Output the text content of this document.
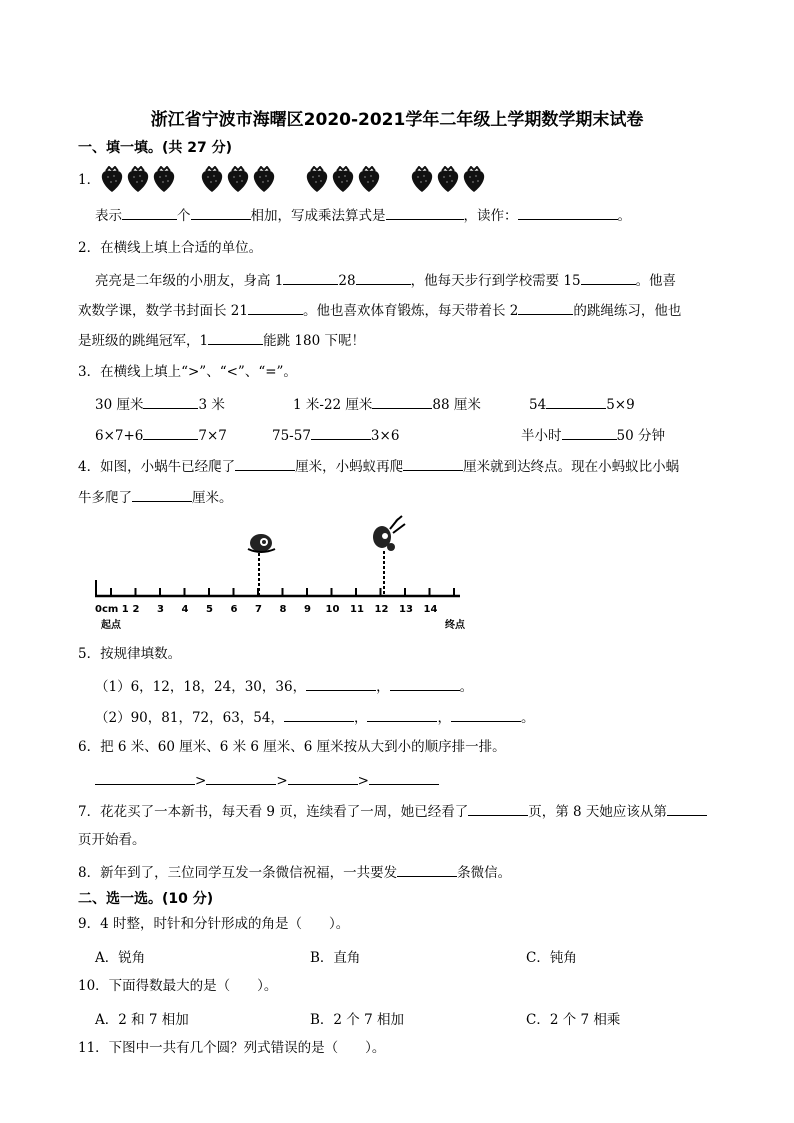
浙江省宁波市海曙区2020-2021学年二年级上学期数学期末试卷
一、填一填。(共 27 分)
1．
表示	个	相加，写成乘法算式是	，读作：	。
2．在横线上填上合适的单位。
亮亮是二年级的小朋友，身高 1	28	，他每天步行到学校需要 15	。他喜
欢数学课，数学书封面长 21	。他也喜欢体育锻炼，每天带着长 2	的跳绳练习，他也
是班级的跳绳冠军，1	能跳 180 下呢！
3．在横线上填上“>”、“<”、“=”。
30 厘米	3 米	1 米-22 厘米	88 厘米	54	5×9
6×7+6	7×7	75-57	3×6	半小时	50 分钟
4．如图，小蜗牛已经爬了	厘米，小蚂蚁再爬	厘米就到达终点。现在小蚂蚁比小蜗
牛多爬了	厘米。
0cm 1 2 3 4 5 6 7 8 9 10 11 12 13 14
起点	终点
5．按规律填数。
（1）6，12，18，24，30，36，	，	。
（2）90，81，72，63，54，	，	，	。
6．把 6 米、60 厘米、6 米 6 厘米、6 厘米按从大到小的顺序排一排。
>	>	>
7．花花买了一本新书，每天看 9 页，连续看了一周，她已经看了	页，第 8 天她应该从第
页开始看。
8．新年到了，三位同学互发一条微信祝福，一共要发	条微信。
二、选一选。(10 分)
9．4 时整，时针和分针形成的角是（　　）。
A．锐角	B．直角	C．钝角
10．下面得数最大的是（　　）。
A．2 和 7 相加	B．2 个 7 相加	C．2 个 7 相乘
11．下图中一共有几个圆？列式错误的是（　　）。
